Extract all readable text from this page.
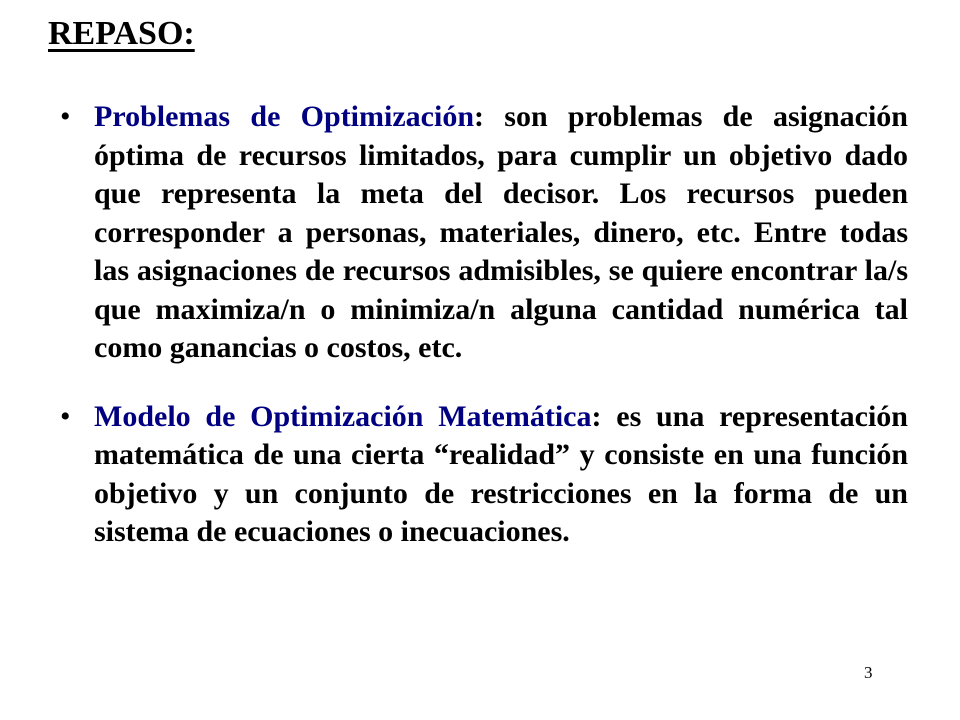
REPASO:
• Problemas de Optimización: son problemas de asignación óptima de recursos limitados, para cumplir un objetivo dado que representa la meta del decisor. Los recursos pueden corresponder a personas, materiales, dinero, etc. Entre todas las asignaciones de recursos admisibles, se quiere encontrar la/s que maximiza/n o minimiza/n alguna cantidad numérica tal como ganancias o costos, etc.
• Modelo de Optimización Matemática: es una representación matemática de una cierta “realidad” y consiste en una función objetivo y un conjunto de restricciones en la forma de un sistema de ecuaciones o inecuaciones.

3
